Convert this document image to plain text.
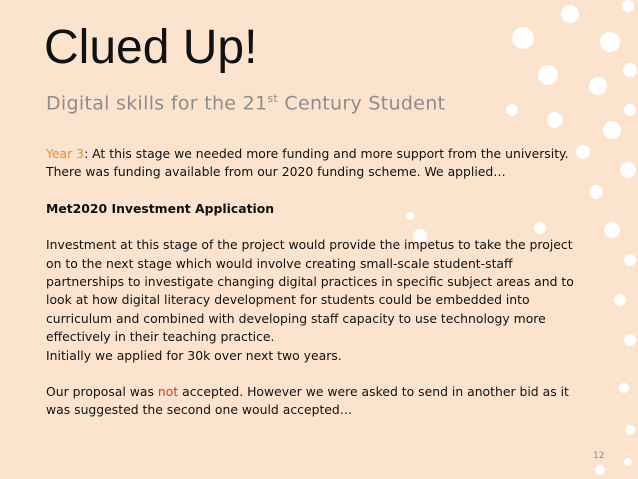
Clued Up!
Digital skills for the 21st Century Student

Year 3: At this stage we needed more funding and more support from the university.

There was funding available from our 2020 funding scheme. We applied…

Met2020 Investment Application

Investment at this stage of the project would provide the impetus to take the project

on to the next stage which would involve creating small-scale student-staff

partnerships to investigate changing digital practices in specific subject areas and to

look at how digital literacy development for students could be embedded into

curriculum and combined with developing staff capacity to use technology more

effectively in their teaching practice.

Initially we applied for 30k over next two years.

Our proposal was not accepted. However we were asked to send in another bid as it

was suggested the second one would accepted…

12
